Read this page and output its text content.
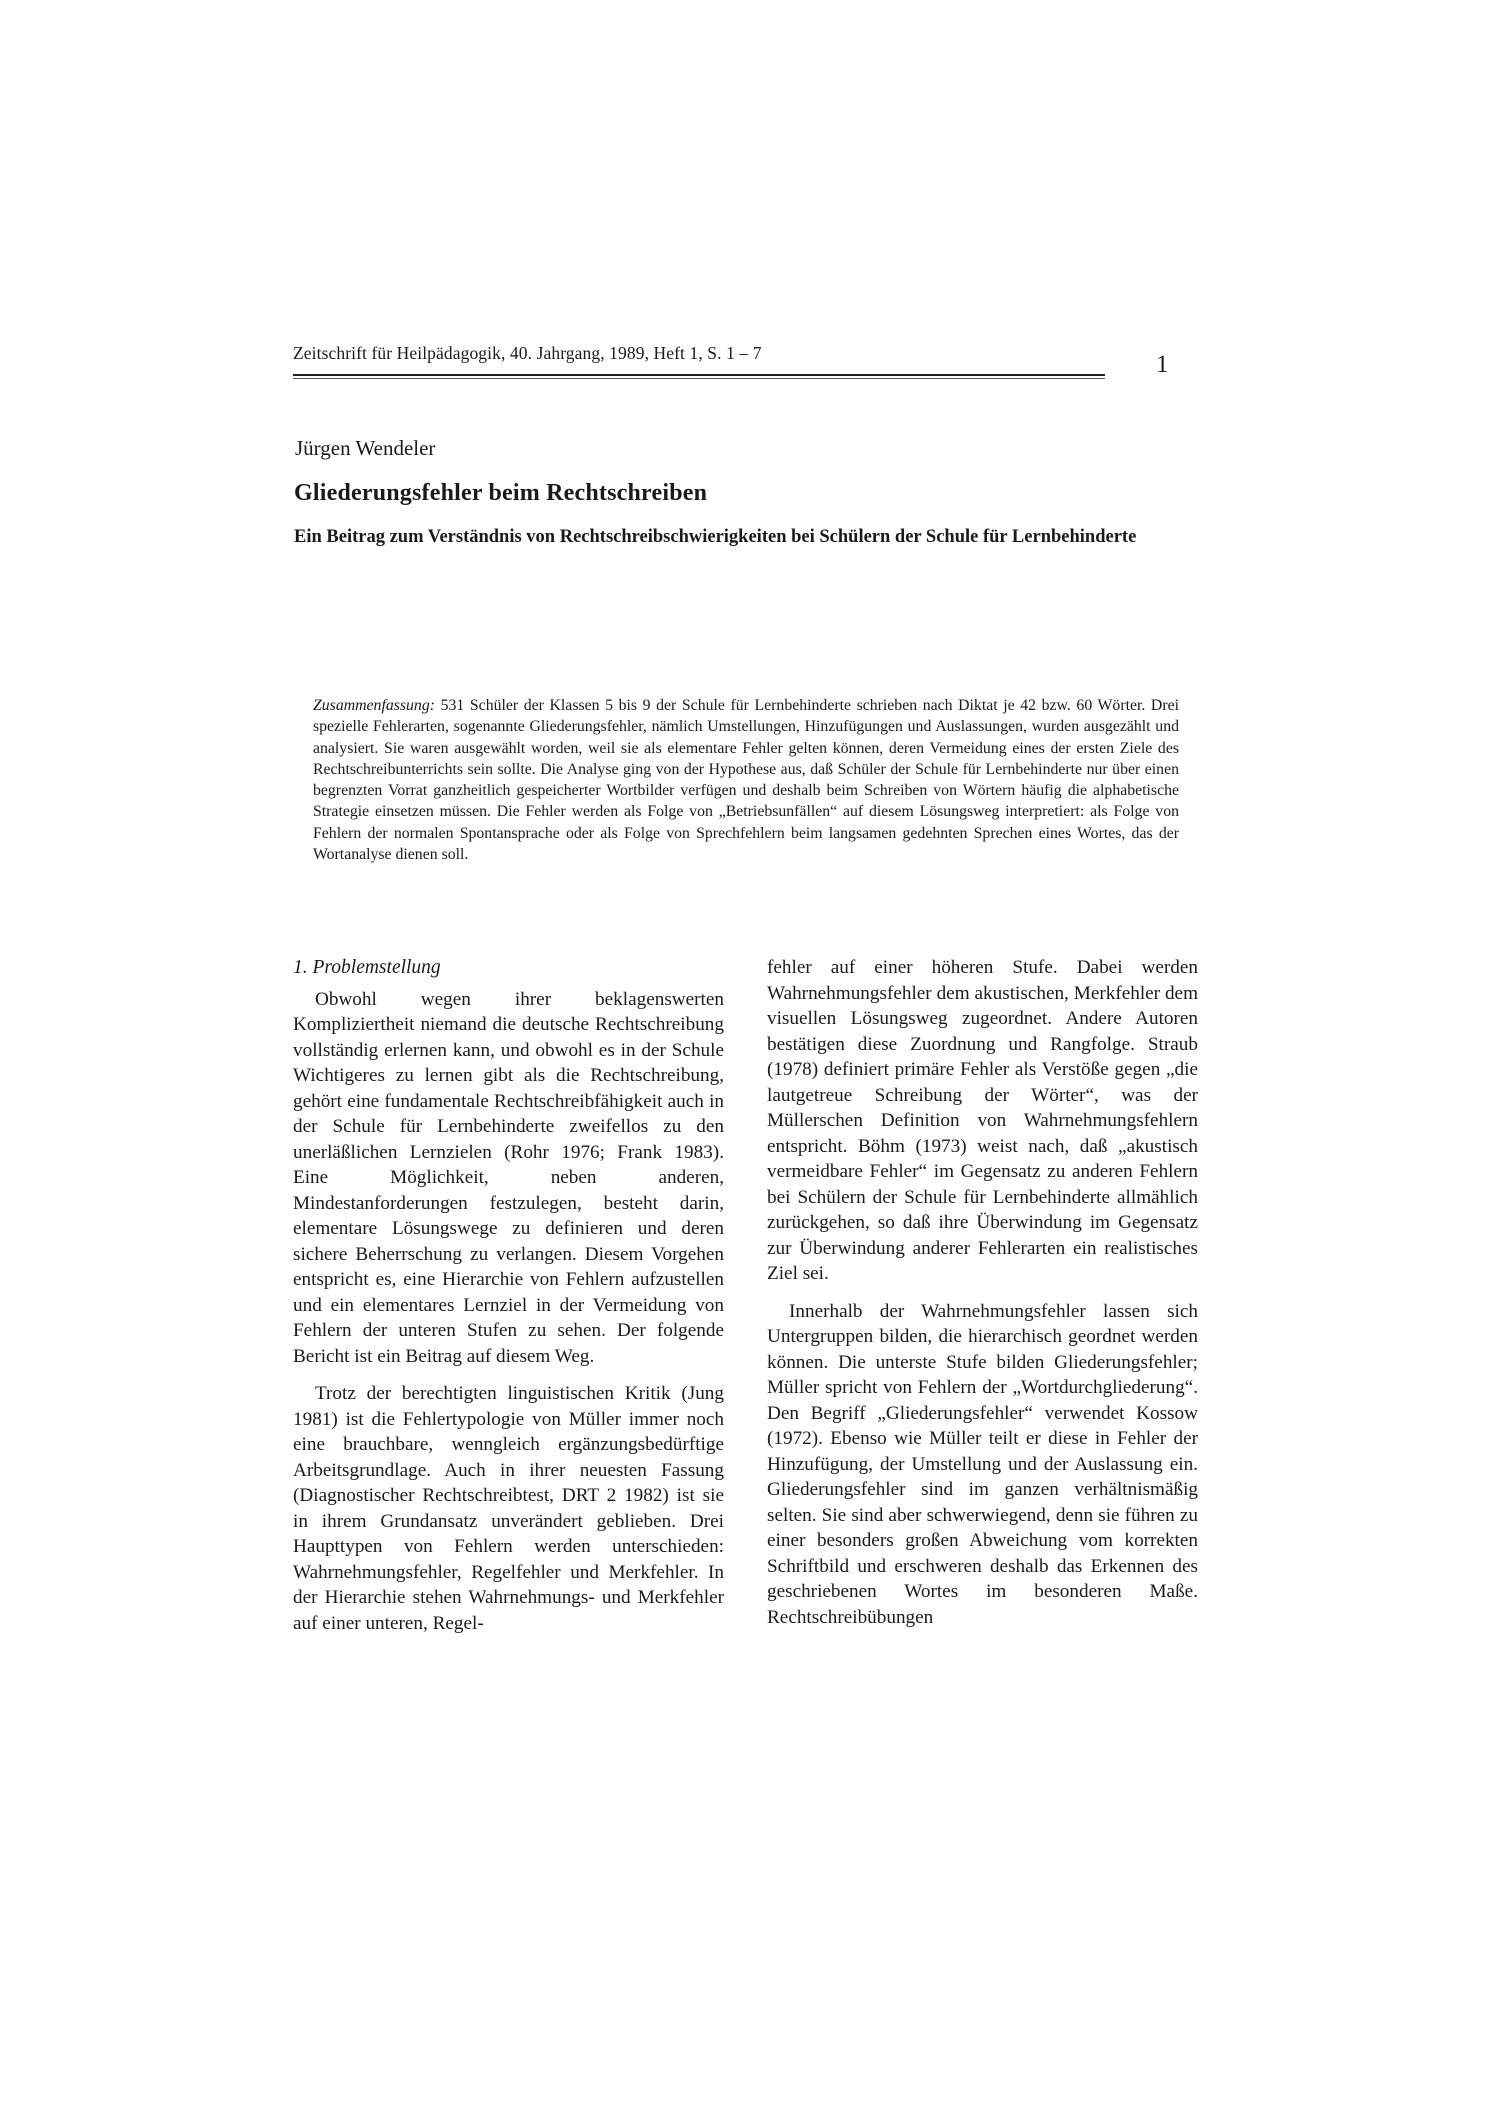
Zeitschrift für Heilpädagogik, 40. Jahrgang, 1989, Heft 1, S. 1 – 7	1
Jürgen Wendeler
Gliederungsfehler beim Rechtschreiben
Ein Beitrag zum Verständnis von Rechtschreibschwierigkeiten bei Schülern der Schule für Lernbehinderte
Zusammenfassung: 531 Schüler der Klassen 5 bis 9 der Schule für Lernbehinderte schrieben nach Diktat je 42 bzw. 60 Wörter. Drei spezielle Fehlerarten, sogenannte Gliederungsfehler, nämlich Umstellungen, Hinzufügungen und Auslassungen, wurden ausgezählt und analysiert. Sie waren ausgewählt worden, weil sie als elementare Fehler gelten können, deren Vermeidung eines der ersten Ziele des Rechtschreibunterrichts sein sollte. Die Analyse ging von der Hypothese aus, daß Schüler der Schule für Lernbehinderte nur über einen begrenzten Vorrat ganzheitlich gespeicherter Wortbilder verfügen und deshalb beim Schreiben von Wörtern häufig die alphabetische Strategie einsetzen müssen. Die Fehler werden als Folge von „Betriebsunfällen“ auf diesem Lösungsweg interpretiert: als Folge von Fehlern der normalen Spontansprache oder als Folge von Sprechfehlern beim langsamen gedehnten Sprechen eines Wortes, das der Wortanalyse dienen soll.
1. Problemstellung

Obwohl wegen ihrer beklagenswerten Kompliziertheit niemand die deutsche Rechtschreibung vollständig erlernen kann, und obwohl es in der Schule Wichtigeres zu lernen gibt als die Rechtschreibung, gehört eine fundamentale Rechtschreibfähigkeit auch in der Schule für Lernbehinderte zweifellos zu den unerläßlichen Lernzielen (Rohr 1976; Frank 1983). Eine Möglichkeit, neben anderen, Mindestanforderungen festzulegen, besteht darin, elementare Lösungswege zu definieren und deren sichere Beherrschung zu verlangen. Diesem Vorgehen entspricht es, eine Hierarchie von Fehlern aufzustellen und ein elementares Lernziel in der Vermeidung von Fehlern der unteren Stufen zu sehen. Der folgende Bericht ist ein Beitrag auf diesem Weg.

Trotz der berechtigten linguistischen Kritik (Jung 1981) ist die Fehlertypologie von Müller immer noch eine brauchbare, wenngleich ergänzungsbedürftige Arbeitsgrundlage. Auch in ihrer neuesten Fassung (Diagnostischer Rechtschreibtest, DRT 2 1982) ist sie in ihrem Grundansatz unverändert geblieben. Drei Haupttypen von Fehlern werden unterschieden: Wahrnehmungsfehler, Regelfehler und Merkfehler. In der Hierarchie stehen Wahrnehmungs- und Merkfehler auf einer unteren, Regel-

fehler auf einer höheren Stufe. Dabei werden Wahrnehmungsfehler dem akustischen, Merkfehler dem visuellen Lösungsweg zugeordnet. Andere Autoren bestätigen diese Zuordnung und Rangfolge. Straub (1978) definiert primäre Fehler als Verstöße gegen „die lautgetreue Schreibung der Wörter“, was der Müllerschen Definition von Wahrnehmungsfehlern entspricht. Böhm (1973) weist nach, daß „akustisch vermeidbare Fehler“ im Gegensatz zu anderen Fehlern bei Schülern der Schule für Lernbehinderte allmählich zurückgehen, so daß ihre Überwindung im Gegensatz zur Überwindung anderer Fehlerarten ein realistisches Ziel sei.

Innerhalb der Wahrnehmungsfehler lassen sich Untergruppen bilden, die hierarchisch geordnet werden können. Die unterste Stufe bilden Gliederungsfehler; Müller spricht von Fehlern der „Wortdurchgliederung“. Den Begriff „Gliederungsfehler“ verwendet Kossow (1972). Ebenso wie Müller teilt er diese in Fehler der Hinzufügung, der Umstellung und der Auslassung ein. Gliederungsfehler sind im ganzen verhältnismäßig selten. Sie sind aber schwerwiegend, denn sie führen zu einer besonders großen Abweichung vom korrekten Schriftbild und erschweren deshalb das Erkennen des geschriebenen Wortes im besonderen Maße. Rechtschreibübungen
